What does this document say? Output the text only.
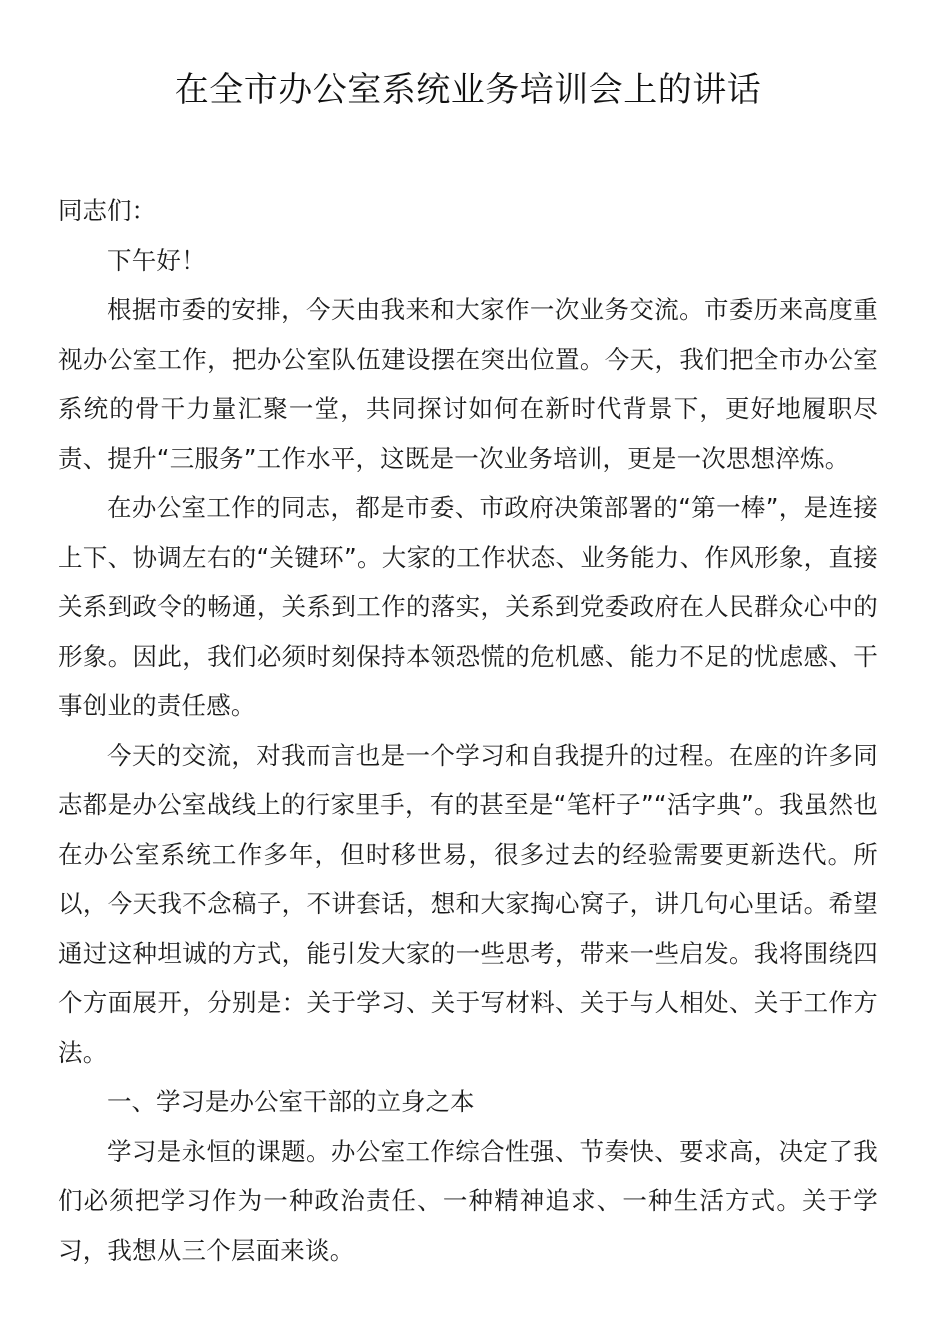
在全市办公室系统业务培训会上的讲话

同志们：

下午好！

根据市委的安排，今天由我来和大家作一次业务交流。市委历来高度重视办公室工作，把办公室队伍建设摆在突出位置。今天，我们把全市办公室系统的骨干力量汇聚一堂，共同探讨如何在新时代背景下，更好地履职尽责、提升“三服务”工作水平，这既是一次业务培训，更是一次思想淬炼。

在办公室工作的同志，都是市委、市政府决策部署的“第一棒”，是连接上下、协调左右的“关键环”。大家的工作状态、业务能力、作风形象，直接关系到政令的畅通，关系到工作的落实，关系到党委政府在人民群众心中的形象。因此，我们必须时刻保持本领恐慌的危机感、能力不足的忧虑感、干事创业的责任感。

今天的交流，对我而言也是一个学习和自我提升的过程。在座的许多同志都是办公室战线上的行家里手，有的甚至是“笔杆子”“活字典”。我虽然也在办公室系统工作多年，但时移世易，很多过去的经验需要更新迭代。所以，今天我不念稿子，不讲套话，想和大家掏心窝子，讲几句心里话。希望通过这种坦诚的方式，能引发大家的一些思考，带来一些启发。我将围绕四个方面展开，分别是：关于学习、关于写材料、关于与人相处、关于工作方法。

一、学习是办公室干部的立身之本

学习是永恒的课题。办公室工作综合性强、节奏快、要求高，决定了我们必须把学习作为一种政治责任、一种精神追求、一种生活方式。关于学习，我想从三个层面来谈。
